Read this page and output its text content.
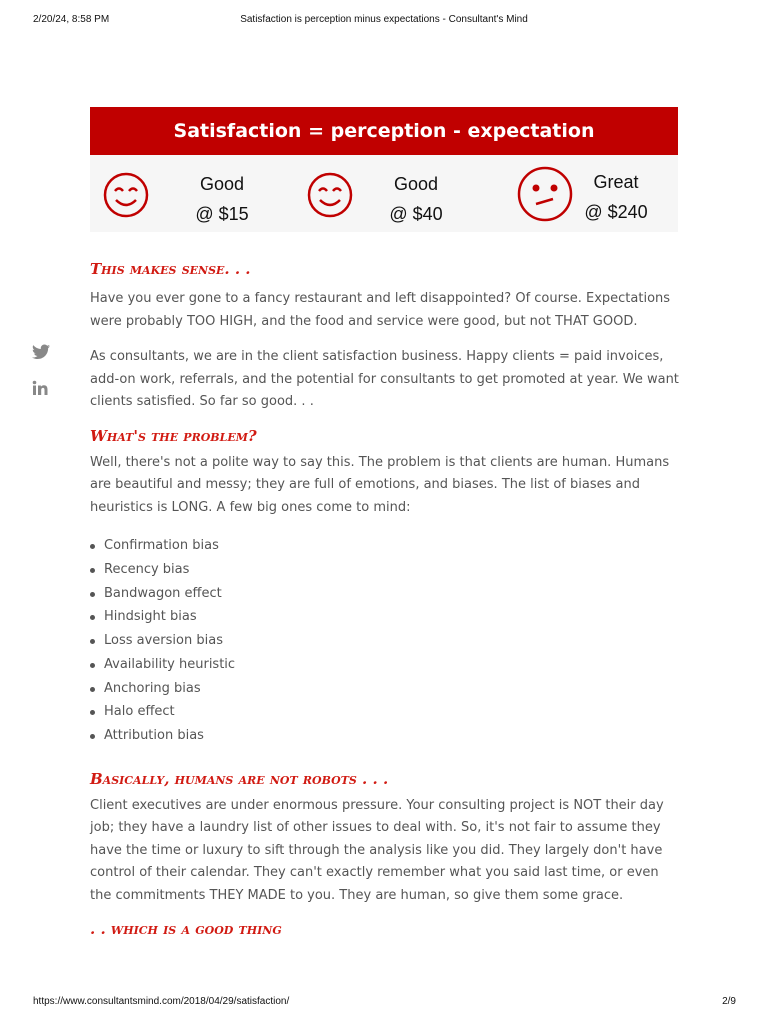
2/20/24, 8:58 PM	Satisfaction is perception minus expectations - Consultant's Mind
Satisfaction = perception - expectation
Good
@ $15
Good
@ $40
Great
@ $240
This makes sense. . .

Have you ever gone to a fancy restaurant and left disappointed? Of course. Expectations were probably TOO HIGH, and the food and service were good, but not THAT GOOD.

As consultants, we are in the client satisfaction business. Happy clients = paid invoices, add-on work, referrals, and the potential for consultants to get promoted at year. We want clients satisfied. So far so good. . .

What's the problem?

Well, there's not a polite way to say this. The problem is that clients are human. Humans are beautiful and messy; they are full of emotions, and biases. The list of biases and heuristics is LONG. A few big ones come to mind:

Confirmation bias
Recency bias
Bandwagon effect
Hindsight bias
Loss aversion bias
Availability heuristic
Anchoring bias
Halo effect
Attribution bias
Basically, humans are not robots . . .

Client executives are under enormous pressure. Your consulting project is NOT their day job; they have a laundry list of other issues to deal with. So, it's not fair to assume they have the time or luxury to sift through the analysis like you did. They largely don't have control of their calendar. They can't exactly remember what you said last time, or even the commitments THEY MADE to you. They are human, so give them some grace.

. . which is a good thing
https://www.consultantsmind.com/2018/04/29/satisfaction/	2/9
